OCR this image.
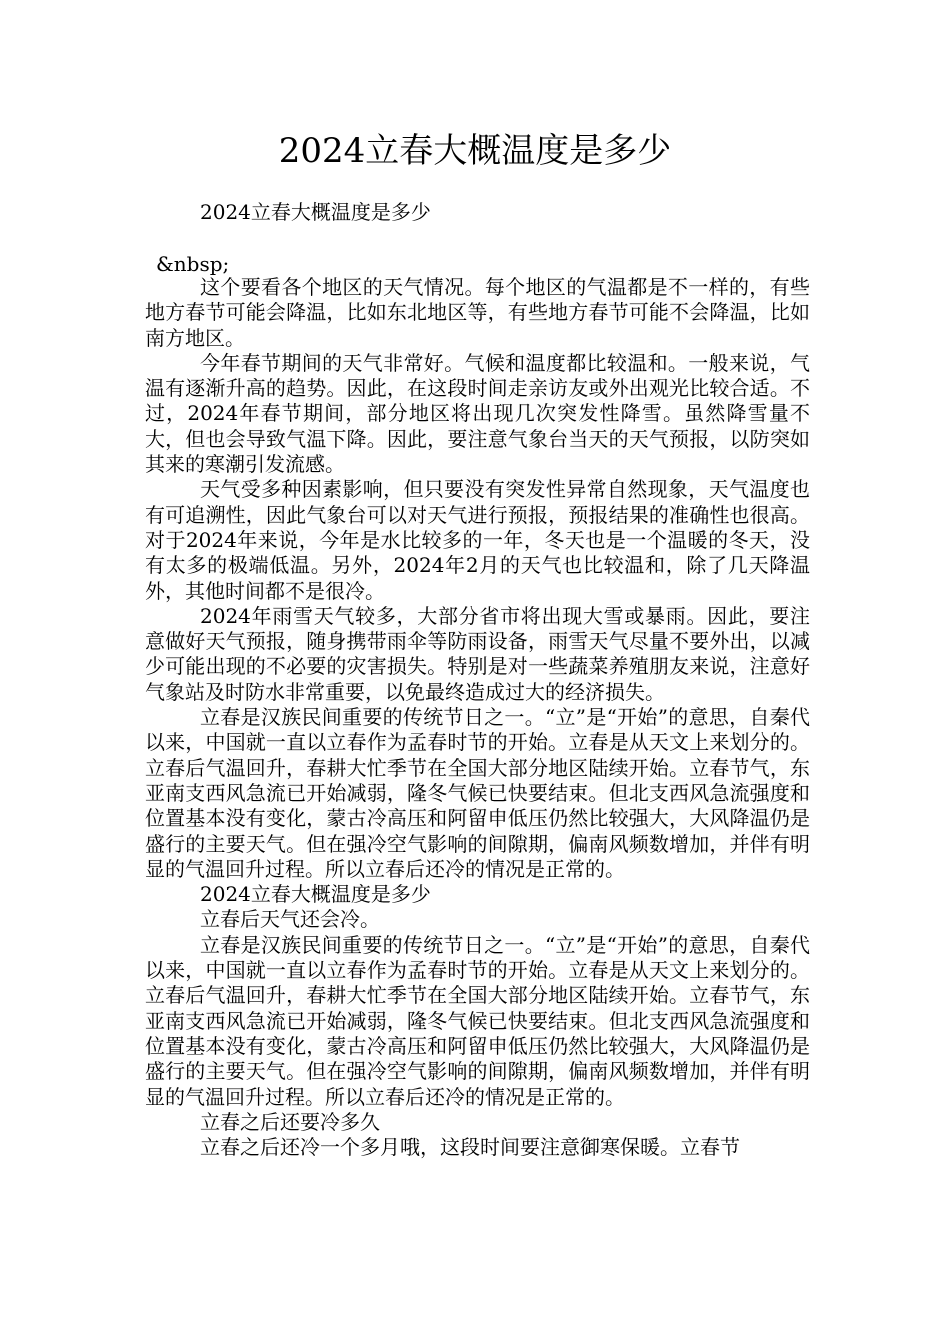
2024立春大概温度是多少
2024立春大概温度是多少
&nbsp;

这个要看各个地区的天气情况。每个地区的气温都是不一样的，有些地方春节可能会降温，比如东北地区等，有些地方春节可能不会降温，比如南方地区。

今年春节期间的天气非常好。气候和温度都比较温和。一般来说，气温有逐渐升高的趋势。因此，在这段时间走亲访友或外出观光比较合适。不过，2024年春节期间，部分地区将出现几次突发性降雪。虽然降雪量不大，但也会导致气温下降。因此，要注意气象台当天的天气预报，以防突如其来的寒潮引发流感。

天气受多种因素影响，但只要没有突发性异常自然现象，天气温度也有可追溯性，因此气象台可以对天气进行预报，预报结果的准确性也很高。对于2024年来说，今年是水比较多的一年，冬天也是一个温暖的冬天，没有太多的极端低温。另外，2024年2月的天气也比较温和，除了几天降温外，其他时间都不是很冷。

2024年雨雪天气较多，大部分省市将出现大雪或暴雨。因此，要注意做好天气预报，随身携带雨伞等防雨设备，雨雪天气尽量不要外出，以减少可能出现的不必要的灾害损失。特别是对一些蔬菜养殖朋友来说，注意好气象站及时防水非常重要，以免最终造成过大的经济损失。

立春是汉族民间重要的传统节日之一。“立”是“开始”的意思，自秦代以来，中国就一直以立春作为孟春时节的开始。立春是从天文上来划分的。立春后气温回升，春耕大忙季节在全国大部分地区陆续开始。立春节气，东亚南支西风急流已开始减弱，隆冬气候已快要结束。但北支西风急流强度和位置基本没有变化，蒙古冷高压和阿留申低压仍然比较强大，大风降温仍是盛行的主要天气。但在强冷空气影响的间隙期，偏南风频数增加，并伴有明显的气温回升过程。所以立春后还冷的情况是正常的。

2024立春大概温度是多少

立春后天气还会冷。

立春是汉族民间重要的传统节日之一。“立”是“开始”的意思，自秦代以来，中国就一直以立春作为孟春时节的开始。立春是从天文上来划分的。立春后气温回升，春耕大忙季节在全国大部分地区陆续开始。立春节气，东亚南支西风急流已开始减弱，隆冬气候已快要结束。但北支西风急流强度和位置基本没有变化，蒙古冷高压和阿留申低压仍然比较强大，大风降温仍是盛行的主要天气。但在强冷空气影响的间隙期，偏南风频数增加，并伴有明显的气温回升过程。所以立春后还冷的情况是正常的。

立春之后还要冷多久

立春之后还冷一个多月哦，这段时间要注意御寒保暖。立春节
